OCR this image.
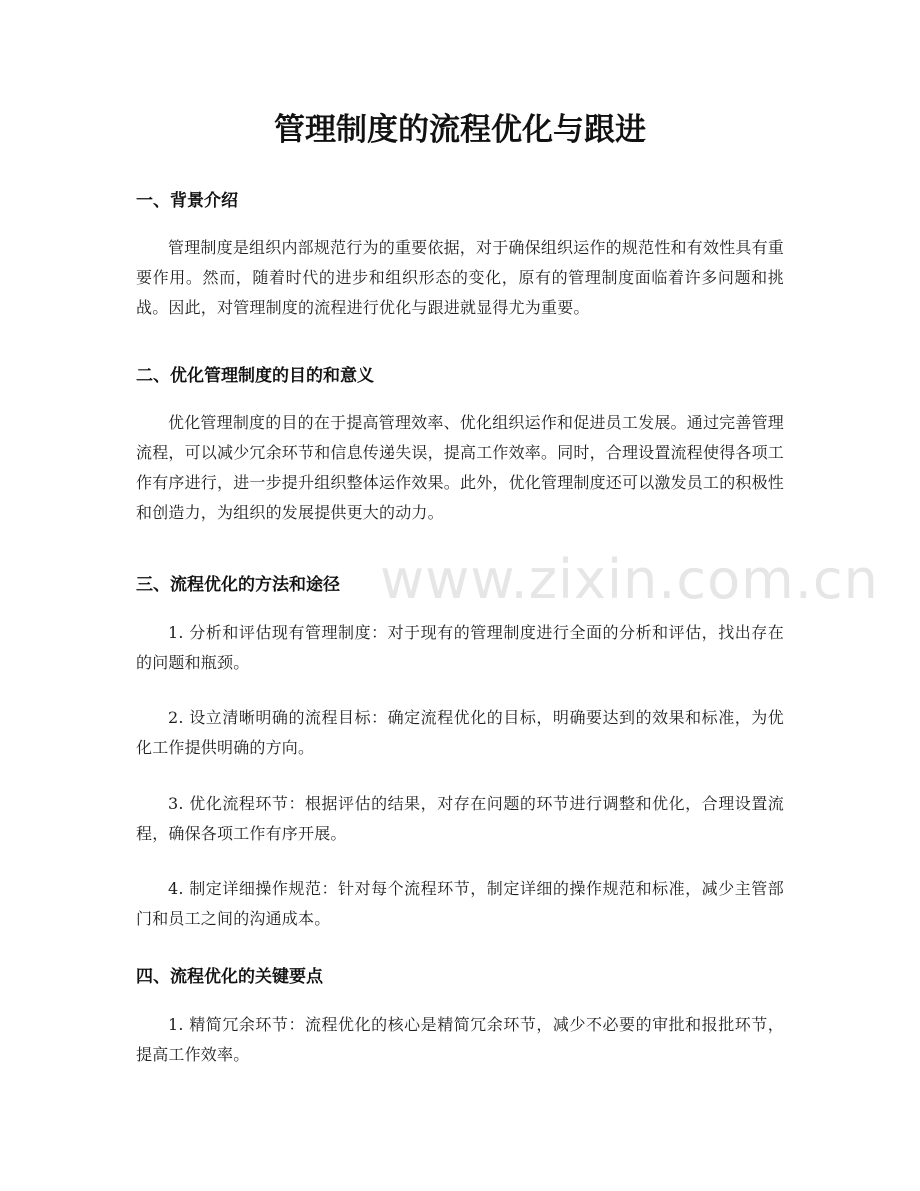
www.zixin.com.cn
管理制度的流程优化与跟进
一、背景介绍

管理制度是组织内部规范行为的重要依据，对于确保组织运作的规范性和有效性具有重要作用。然而，随着时代的进步和组织形态的变化，原有的管理制度面临着许多问题和挑战。因此，对管理制度的流程进行优化与跟进就显得尤为重要。

二、优化管理制度的目的和意义

优化管理制度的目的在于提高管理效率、优化组织运作和促进员工发展。通过完善管理流程，可以减少冗余环节和信息传递失误，提高工作效率。同时，合理设置流程使得各项工作有序进行，进一步提升组织整体运作效果。此外，优化管理制度还可以激发员工的积极性和创造力，为组织的发展提供更大的动力。

三、流程优化的方法和途径

1. 分析和评估现有管理制度：对于现有的管理制度进行全面的分析和评估，找出存在的问题和瓶颈。

2. 设立清晰明确的流程目标：确定流程优化的目标，明确要达到的效果和标准，为优化工作提供明确的方向。

3. 优化流程环节：根据评估的结果，对存在问题的环节进行调整和优化，合理设置流程，确保各项工作有序开展。

4. 制定详细操作规范：针对每个流程环节，制定详细的操作规范和标准，减少主管部门和员工之间的沟通成本。

四、流程优化的关键要点

1. 精简冗余环节：流程优化的核心是精简冗余环节，减少不必要的审批和报批环节，提高工作效率。
